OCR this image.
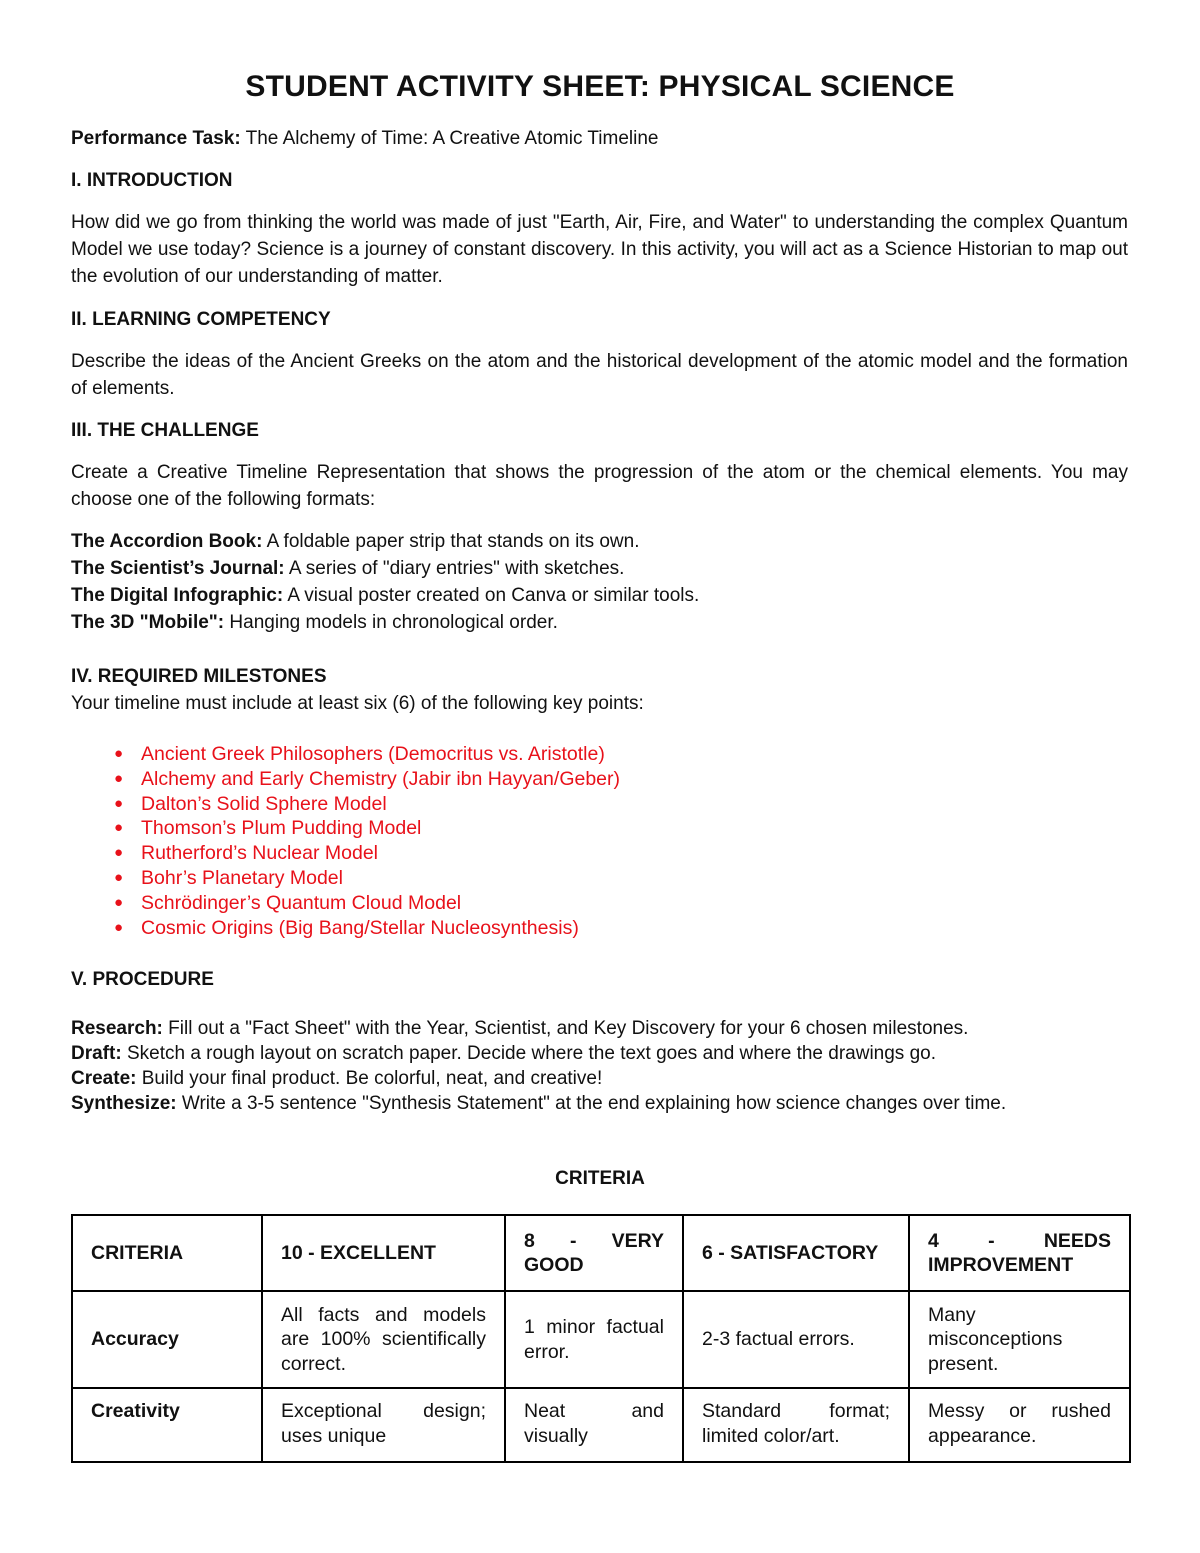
STUDENT ACTIVITY SHEET: PHYSICAL SCIENCE

Performance Task: The Alchemy of Time: A Creative Atomic Timeline

I. INTRODUCTION

How did we go from thinking the world was made of just "Earth, Air, Fire, and Water" to understanding the complex Quantum Model we use today? Science is a journey of constant discovery. In this activity, you will act as a Science Historian to map out the evolution of our understanding of matter.

II. LEARNING COMPETENCY

Describe the ideas of the Ancient Greeks on the atom and the historical development of the atomic model and the formation of elements.

III. THE CHALLENGE

Create a Creative Timeline Representation that shows the progression of the atom or the chemical elements. You may choose one of the following formats:

The Accordion Book: A foldable paper strip that stands on its own.
The Scientist’s Journal: A series of "diary entries" with sketches.
The Digital Infographic: A visual poster created on Canva or similar tools.
The 3D "Mobile": Hanging models in chronological order.

IV. REQUIRED MILESTONES

Your timeline must include at least six (6) of the following key points:

● Ancient Greek Philosophers (Democritus vs. Aristotle)
● Alchemy and Early Chemistry (Jabir ibn Hayyan/Geber)
● Dalton’s Solid Sphere Model
● Thomson’s Plum Pudding Model
● Rutherford’s Nuclear Model
● Bohr’s Planetary Model
● Schrödinger’s Quantum Cloud Model
● Cosmic Origins (Big Bang/Stellar Nucleosynthesis)

V. PROCEDURE

Research: Fill out a "Fact Sheet" with the Year, Scientist, and Key Discovery for your 6 chosen milestones.
Draft: Sketch a rough layout on scratch paper. Decide where the text goes and where the drawings go.
Create: Build your final product. Be colorful, neat, and creative!
Synthesize: Write a 3-5 sentence "Synthesis Statement" at the end explaining how science changes over time.
CRITERIA
CRITERIA	10 - EXCELLENT	8 - VERY GOOD	6 - SATISFACTORY	4 - NEEDS IMPROVEMENT
Accuracy	All facts and models are 100% scientifically correct.	1 minor factual error.	2-3 factual errors.	Many misconceptions present.
Creativity	Exceptional design; uses unique	Neat and visually	Standard format; limited color/art.	Messy or rushed appearance.
